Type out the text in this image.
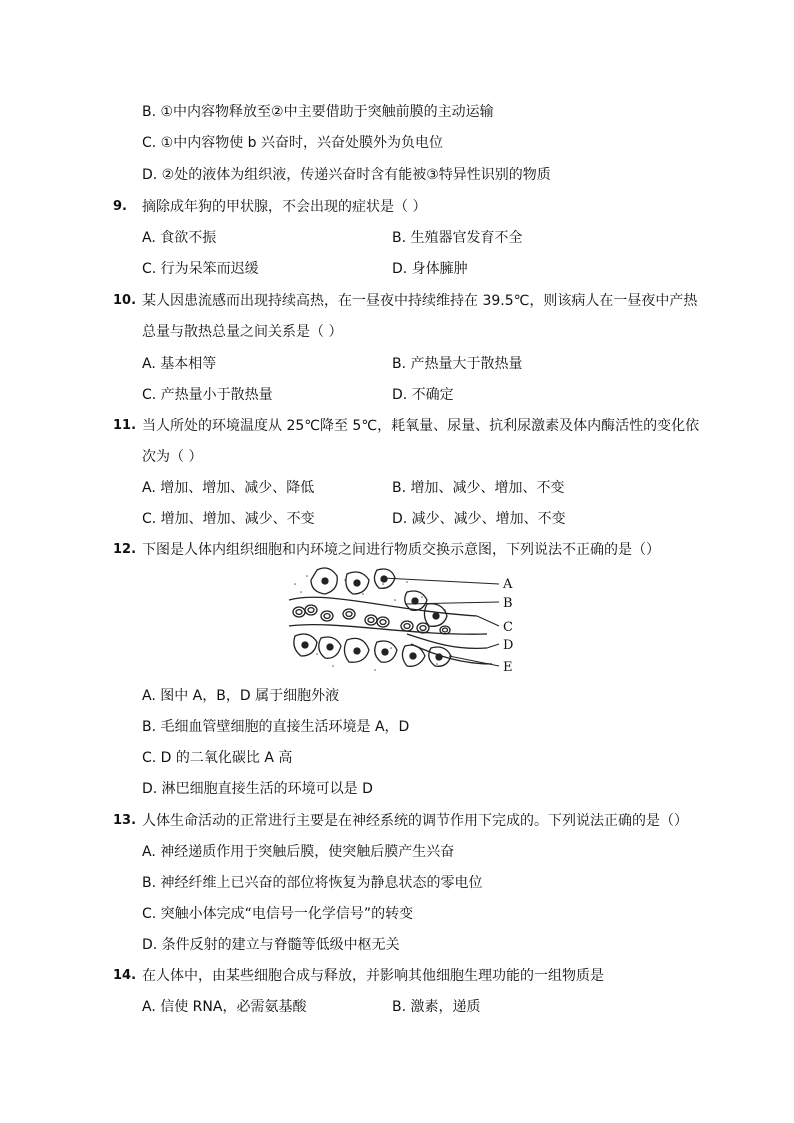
B. ①中内容物释放至②中主要借助于突触前膜的主动运输
C. ①中内容物使 b 兴奋时，兴奋处膜外为负电位
D. ②处的液体为组织液，传递兴奋时含有能被③特异性识别的物质
9. 摘除成年狗的甲状腺，不会出现的症状是（ ）
A. 食欲不振	B. 生殖器官发育不全
C. 行为呆笨而迟缓	D. 身体臃肿
10. 某人因患流感而出现持续高热，在一昼夜中持续维持在 39.5℃，则该病人在一昼夜中产热
总量与散热总量之间关系是（ ）
A. 基本相等	B. 产热量大于散热量
C. 产热量小于散热量	D. 不确定
11. 当人所处的环境温度从 25℃降至 5℃，耗氧量、尿量、抗利尿激素及体内酶活性的变化依
次为（ ）
A. 增加、增加、减少、降低	B. 增加、减少、增加、不变
C. 增加、增加、减少、不变	D. 减少、减少、增加、不变
12. 下图是人体内组织细胞和内环境之间进行物质交换示意图，下列说法不正确的是（）
A
B
C
D
E
A. 图中 A，B，D 属于细胞外液
B. 毛细血管壁细胞的直接生活环境是 A，D
C. D 的二氧化碳比 A 高
D. 淋巴细胞直接生活的环境可以是 D
13. 人体生命活动的正常进行主要是在神经系统的调节作用下完成的。下列说法正确的是（）
A. 神经递质作用于突触后膜，使突触后膜产生兴奋
B. 神经纤维上已兴奋的部位将恢复为静息状态的零电位
C. 突触小体完成“电信号一化学信号”的转变
D. 条件反射的建立与脊髓等低级中枢无关
14. 在人体中，由某些细胞合成与释放，并影响其他细胞生理功能的一组物质是
A. 信使 RNA，必需氨基酸	B. 激素，递质
